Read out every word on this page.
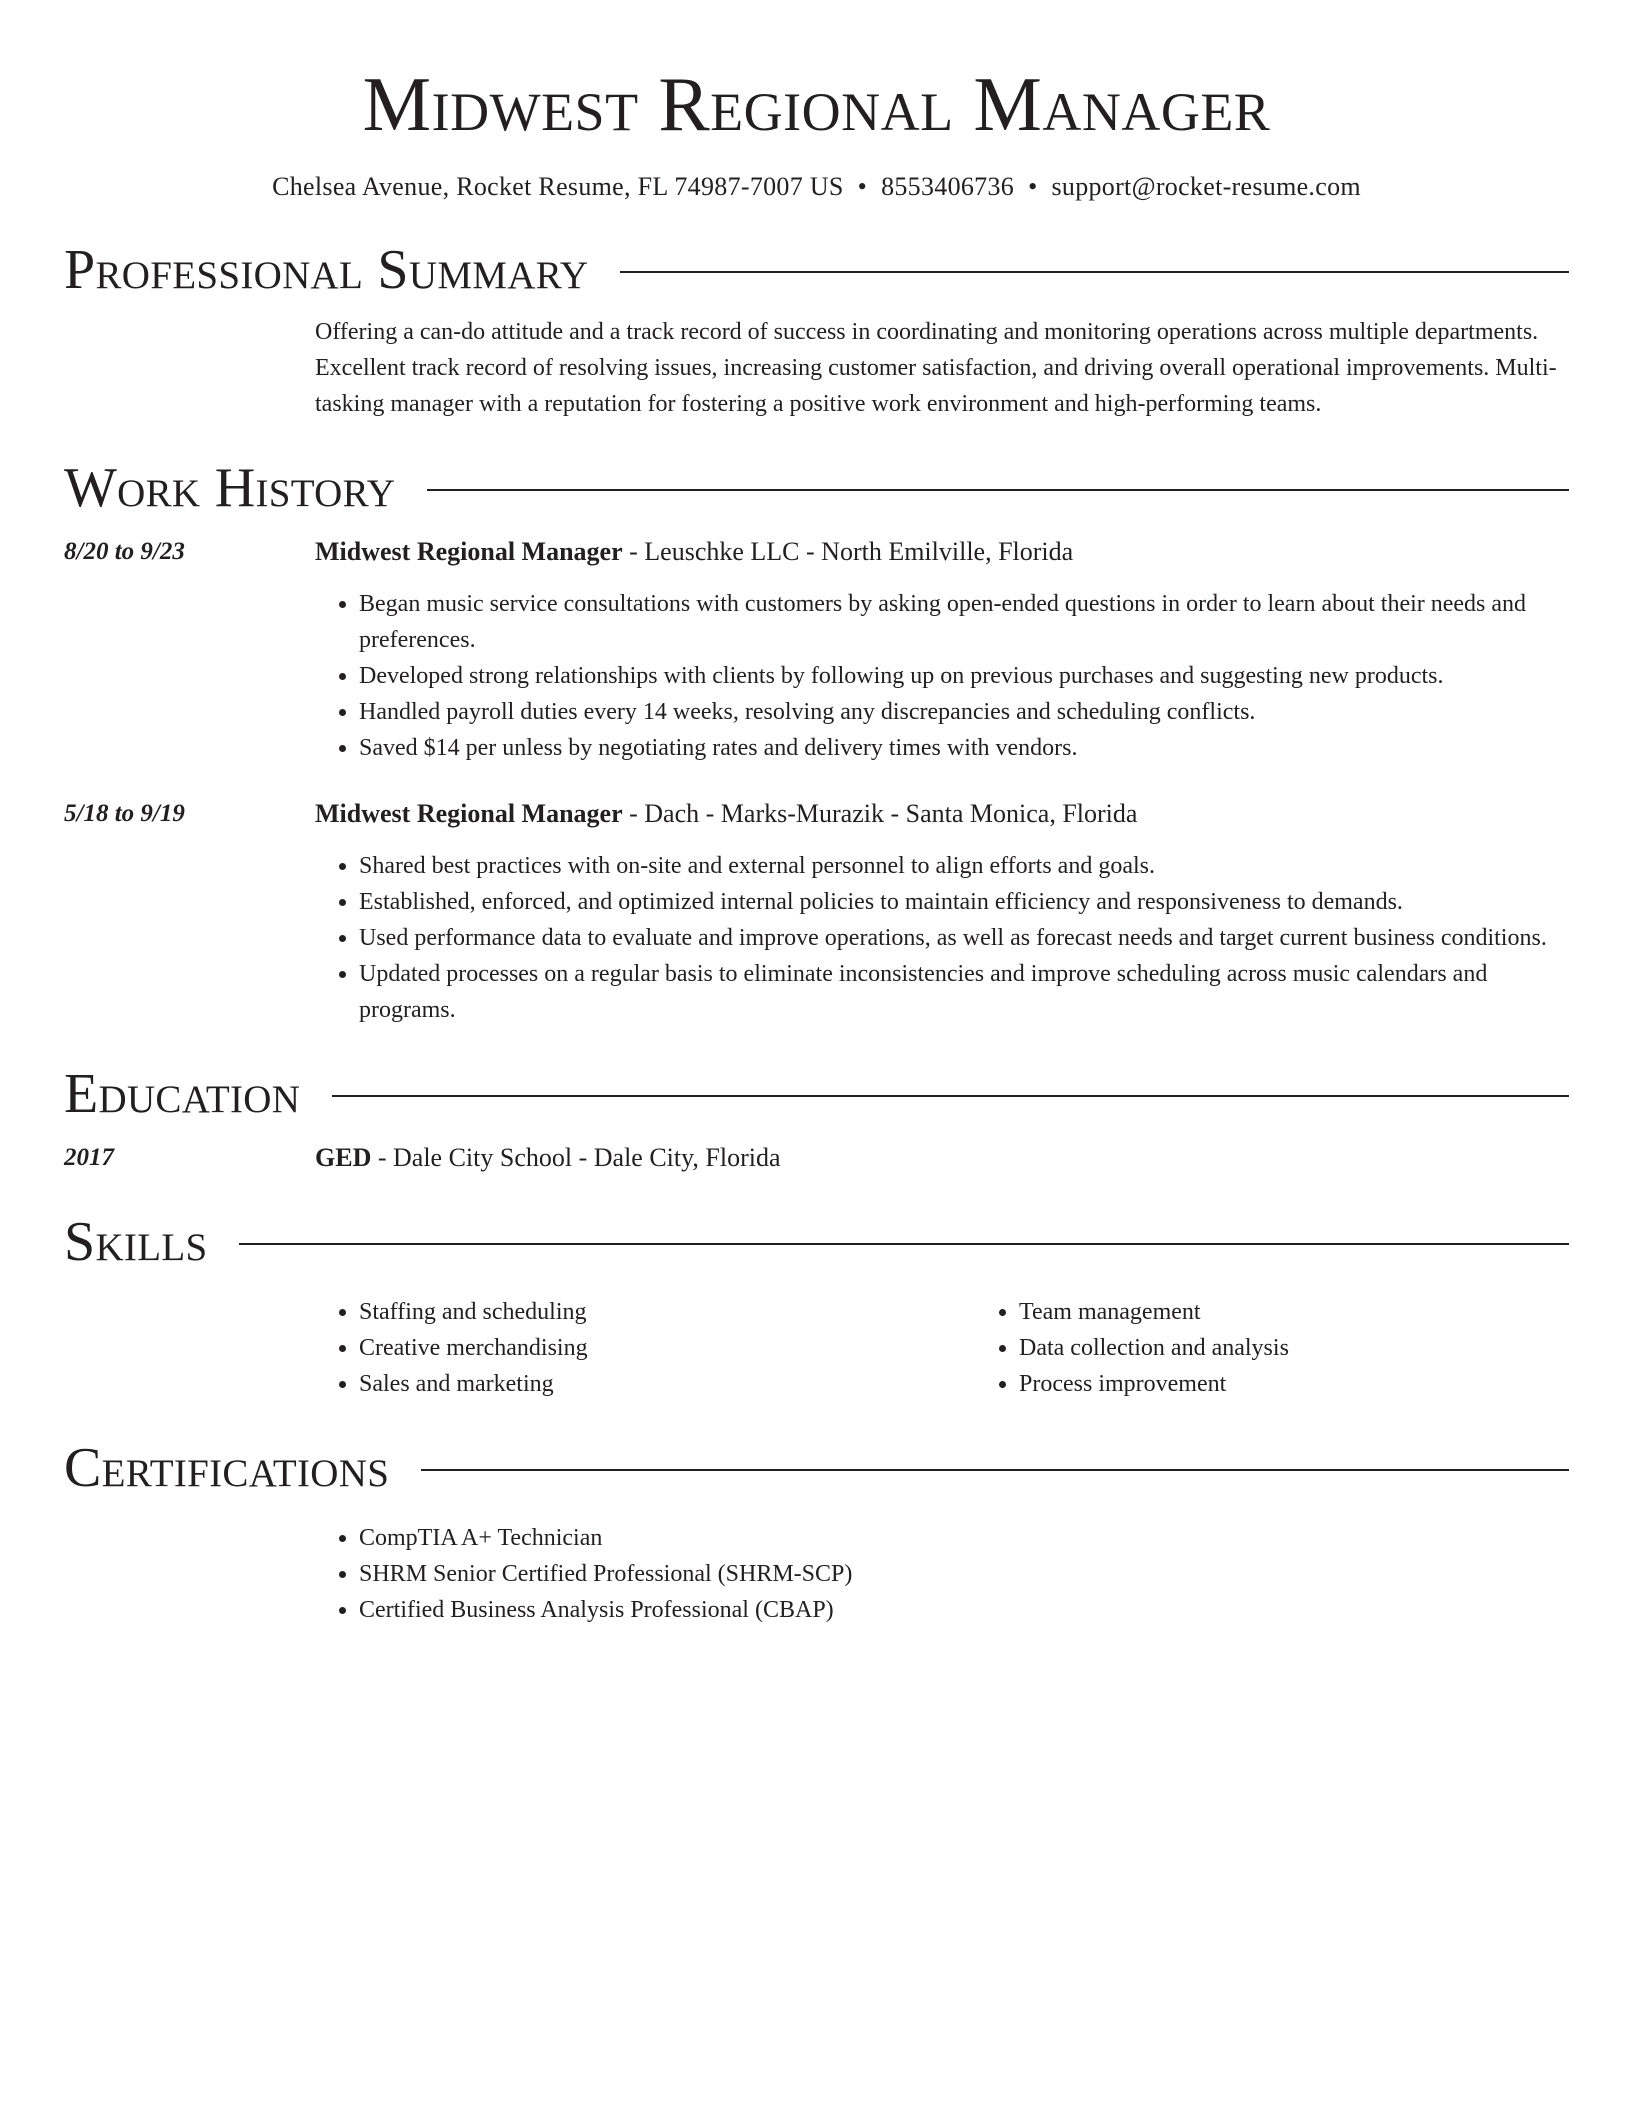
Midwest Regional Manager
Chelsea Avenue, Rocket Resume, FL 74987-7007 US • 8553406736 • support@rocket-resume.com
Professional Summary
Offering a can-do attitude and a track record of success in coordinating and monitoring operations across multiple departments. Excellent track record of resolving issues, increasing customer satisfaction, and driving overall operational improvements. Multi-tasking manager with a reputation for fostering a positive work environment and high-performing teams.
Work History
8/20 to 9/23	Midwest Regional Manager - Leuschke LLC - North Emilville, Florida
• Began music service consultations with customers by asking open-ended questions in order to learn about their needs and preferences.
• Developed strong relationships with clients by following up on previous purchases and suggesting new products.
• Handled payroll duties every 14 weeks, resolving any discrepancies and scheduling conflicts.
• Saved $14 per unless by negotiating rates and delivery times with vendors.
5/18 to 9/19	Midwest Regional Manager - Dach - Marks-Murazik - Santa Monica, Florida
• Shared best practices with on-site and external personnel to align efforts and goals.
• Established, enforced, and optimized internal policies to maintain efficiency and responsiveness to demands.
• Used performance data to evaluate and improve operations, as well as forecast needs and target current business conditions.
• Updated processes on a regular basis to eliminate inconsistencies and improve scheduling across music calendars and programs.
Education
2017	GED - Dale City School - Dale City, Florida
Skills
• Staffing and scheduling
• Creative merchandising
• Sales and marketing
• Team management
• Data collection and analysis
• Process improvement
Certifications
• CompTIA A+ Technician
• SHRM Senior Certified Professional (SHRM-SCP)
• Certified Business Analysis Professional (CBAP)
